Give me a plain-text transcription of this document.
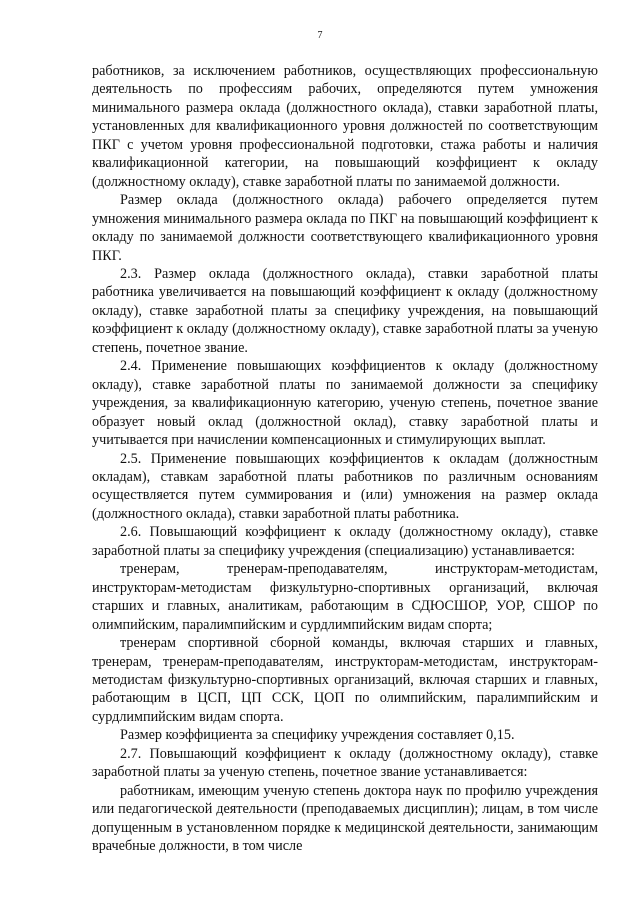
7

работников, за исключением работников, осуществляющих профессиональную деятельность по профессиям рабочих, определяются путем умножения минимального размера оклада (должностного оклада), ставки заработной платы, установленных для квалификационного уровня должностей по соответствующим ПКГ с учетом уровня профессиональной подготовки, стажа работы и наличия квалификационной категории, на повышающий коэффициент к окладу (должностному окладу), ставке заработной платы по занимаемой должности.

Размер оклада (должностного оклада) рабочего определяется путем умножения минимального размера оклада по ПКГ на повышающий коэффициент к окладу по занимаемой должности соответствующего квалификационного уровня ПКГ.

2.3. Размер оклада (должностного оклада), ставки заработной платы работника увеличивается на повышающий коэффициент к окладу (должностному окладу), ставке заработной платы за специфику учреждения, на повышающий коэффициент к окладу (должностному окладу), ставке заработной платы за ученую степень, почетное звание.

2.4. Применение повышающих коэффициентов к окладу (должностному окладу), ставке заработной платы по занимаемой должности за специфику учреждения, за квалификационную категорию, ученую степень, почетное звание образует новый оклад (должностной оклад), ставку заработной платы и учитывается при начислении компенсационных и стимулирующих выплат.

2.5. Применение повышающих коэффициентов к окладам (должностным окладам), ставкам заработной платы работников по различным основаниям осуществляется путем суммирования и (или) умножения на размер оклада (должностного оклада), ставки заработной платы работника.

2.6. Повышающий коэффициент к окладу (должностному окладу), ставке заработной платы за специфику учреждения (специализацию) устанавливается:

тренерам, тренерам-преподавателям, инструкторам-методистам, инструкторам-методистам физкультурно-спортивных организаций, включая старших и главных, аналитикам, работающим в СДЮСШОР, УОР, СШОР по олимпийским, паралимпийским и сурдлимпийским видам спорта;

тренерам спортивной сборной команды, включая старших и главных, тренерам, тренерам-преподавателям, инструкторам-методистам, инструкторам-методистам физкультурно-спортивных организаций, включая старших и главных, работающим в ЦСП, ЦП ССК, ЦОП по олимпийским, паралимпийским и сурдлимпийским видам спорта.

Размер коэффициента за специфику учреждения составляет 0,15.

2.7. Повышающий коэффициент к окладу (должностному окладу), ставке заработной платы за ученую степень, почетное звание устанавливается:

работникам, имеющим ученую степень доктора наук по профилю учреждения или педагогической деятельности (преподаваемых дисциплин); лицам, в том числе допущенным в установленном порядке к медицинской деятельности, занимающим врачебные должности, в том числе
